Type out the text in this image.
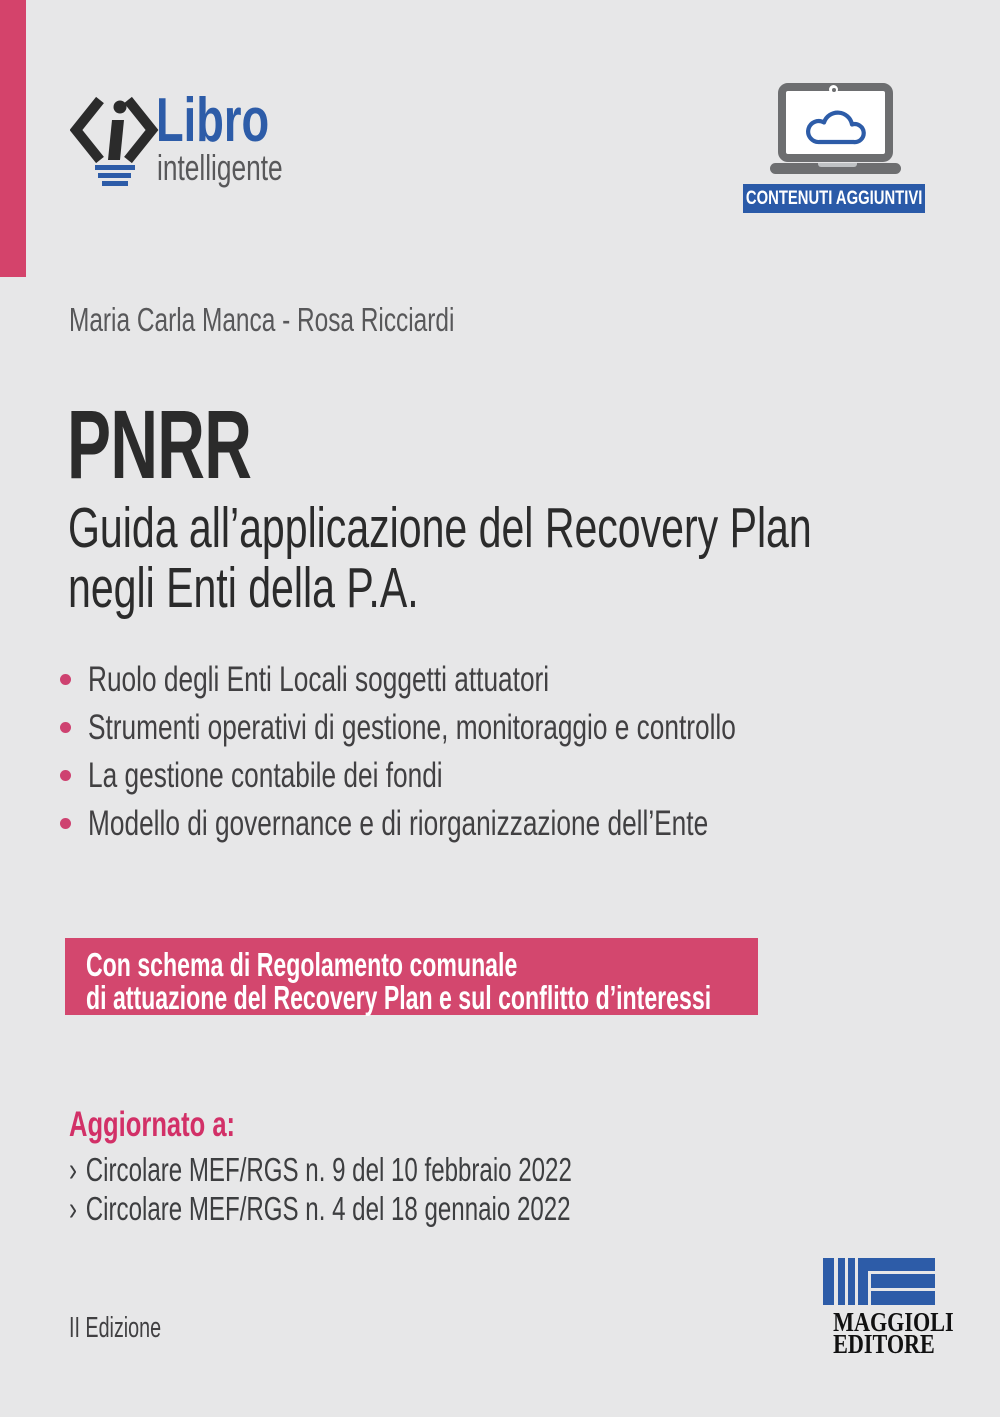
Libro
intelligente
CONTENUTI AGGIUNTIVI
Maria Carla Manca - Rosa Ricciardi
PNRR
Guida all’applicazione del Recovery Plan
negli Enti della P.A.
Ruolo degli Enti Locali soggetti attuatori
Strumenti operativi di gestione, monitoraggio e controllo
La gestione contabile dei fondi
Modello di governance e di riorganizzazione dell’Ente
Con schema di Regolamento comunale
di attuazione del Recovery Plan e sul conflitto d’interessi
Aggiornato a:
› Circolare MEF/RGS n. 9 del 10 febbraio 2022
› Circolare MEF/RGS n. 4 del 18 gennaio 2022
II Edizione	MAGGIOLI
EDITORE
